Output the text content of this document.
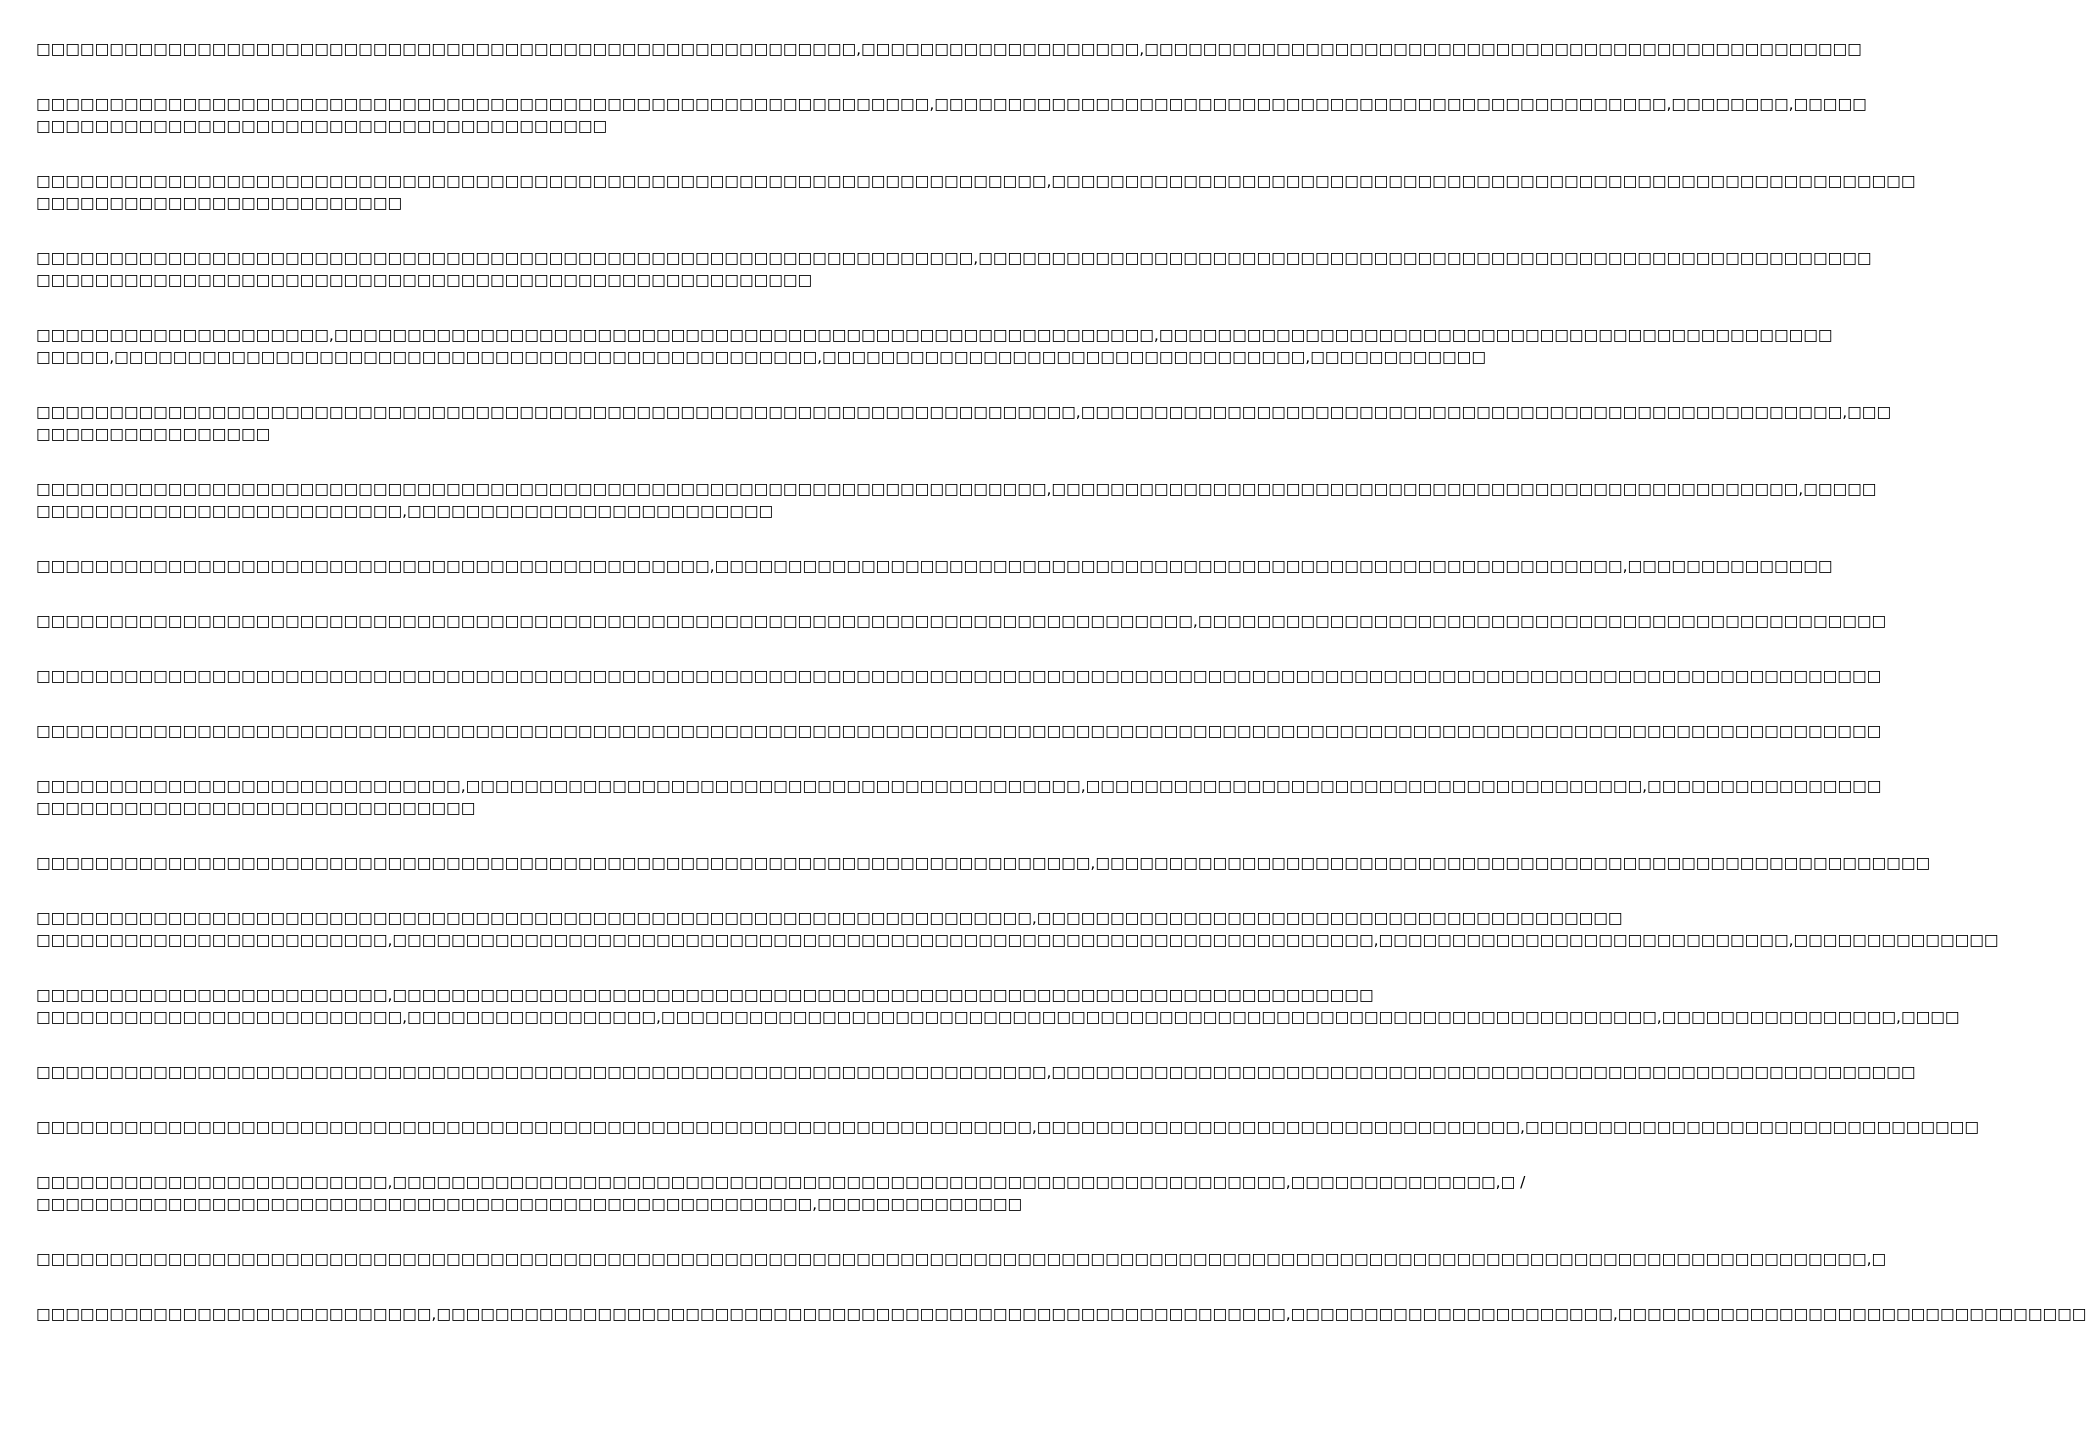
□□□□□□□□□□□□□□□□□□□□□□□□□□□□□□□□□□□□□□□□□□□□□□□□□□□□□□□□,□□□□□□□□□□□□□□□□□□□,□□□□□□□□□□□□□□□□□□□□□□□□□□□□□□□□□□□□□□□□□□□□□□□□□

□□□□□□□□□□□□□□□□□□□□□□□□□□□□□□□□□□□□□□□□□□□□□□□□□□□□□□□□□□□□□,□□□□□□□□□□□□□□□□□□□□□□□□□□□□□□□□□□□□□□□□□□□□□□□□□□,□□□□□□□□,□□□□□
□□□□□□□□□□□□□□□□□□□□□□□□□□□□□□□□□□□□□□□

□□□□□□□□□□□□□□□□□□□□□□□□□□□□□□□□□□□□□□□□□□□□□□□□□□□□□□□□□□□□□□□□□□□□□,□□□□□□□□□□□□□□□□□□□□□□□□□□□□□□□□□□□□□□□□□□□□□□□□□□□□□□□□□□□
□□□□□□□□□□□□□□□□□□□□□□□□□

□□□□□□□□□□□□□□□□□□□□□□□□□□□□□□□□□□□□□□□□□□□□□□□□□□□□□□□□□□□□□□□□,□□□□□□□□□□□□□□□□□□□□□□□□□□□□□□□□□□□□□□□□□□□□□□□□□□□□□□□□□□□□□
□□□□□□□□□□□□□□□□□□□□□□□□□□□□□□□□□□□□□□□□□□□□□□□□□□□□□

□□□□□□□□□□□□□□□□□□□□,□□□□□□□□□□□□□□□□□□□□□□□□□□□□□□□□□□□□□□□□□□□□□□□□□□□□□□□□,□□□□□□□□□□□□□□□□□□□□□□□□□□□□□□□□□□□□□□□□□□□□□□
□□□□□,□□□□□□□□□□□□□□□□□□□□□□□□□□□□□□□□□□□□□□□□□□□□□□□□,□□□□□□□□□□□□□□□□□□□□□□□□□□□□□□□□□,□□□□□□□□□□□□

□□□□□□□□□□□□□□□□□□□□□□□□□□□□□□□□□□□□□□□□□□□□□□□□□□□□□□□□□□□□□□□□□□□□□□□,□□□□□□□□□□□□□□□□□□□□□□□□□□□□□□□□□□□□□□□□□□□□□□□□□□□□,□□□
□□□□□□□□□□□□□□□□

□□□□□□□□□□□□□□□□□□□□□□□□□□□□□□□□□□□□□□□□□□□□□□□□□□□□□□□□□□□□□□□□□□□□□,□□□□□□□□□□□□□□□□□□□□□□□□□□□□□□□□□□□□□□□□□□□□□□□□□□□,□□□□□
□□□□□□□□□□□□□□□□□□□□□□□□□,□□□□□□□□□□□□□□□□□□□□□□□□□

□□□□□□□□□□□□□□□□□□□□□□□□□□□□□□□□□□□□□□□□□□□□□□,□□□□□□□□□□□□□□□□□□□□□□□□□□□□□□□□□□□□□□□□□□□□□□□□□□□□□□□□□□□□□□,□□□□□□□□□□□□□□

□□□□□□□□□□□□□□□□□□□□□□□□□□□□□□□□□□□□□□□□□□□□□□□□□□□□□□□□□□□□□□□□□□□□□□□□□□□□□□□,□□□□□□□□□□□□□□□□□□□□□□□□□□□□□□□□□□□□□□□□□□□□□□□

□□□□□□□□□□□□□□□□□□□□□□□□□□□□□□□□□□□□□□□□□□□□□□□□□□□□□□□□□□□□□□□□□□□□□□□□□□□□□□□□□□□□□□□□□□□□□□□□□□□□□□□□□□□□□□□□□□□□□□□□□□□□□□

□□□□□□□□□□□□□□□□□□□□□□□□□□□□□□□□□□□□□□□□□□□□□□□□□□□□□□□□□□□□□□□□□□□□□□□□□□□□□□□□□□□□□□□□□□□□□□□□□□□□□□□□□□□□□□□□□□□□□□□□□□□□□□

□□□□□□□□□□□□□□□□□□□□□□□□□□□□□,□□□□□□□□□□□□□□□□□□□□□□□□□□□□□□□□□□□□□□□□□□,□□□□□□□□□□□□□□□□□□□□□□□□□□□□□□□□□□□□□□,□□□□□□□□□□□□□□□□
□□□□□□□□□□□□□□□□□□□□□□□□□□□□□□

□□□□□□□□□□□□□□□□□□□□□□□□□□□□□□□□□□□□□□□□□□□□□□□□□□□□□□□□□□□□□□□□□□□□□□□□,□□□□□□□□□□□□□□□□□□□□□□□□□□□□□□□□□□□□□□□□□□□□□□□□□□□□□□□□□

□□□□□□□□□□□□□□□□□□□□□□□□□□□□□□□□□□□□□□□□□□□□□□□□□□□□□□□□□□□□□□□□□□□□,□□□□□□□□□□□□□□□□□□□□□□□□□□□□□□□□□□□□□□□□
□□□□□□□□□□□□□□□□□□□□□□□□,□□□□□□□□□□□□□□□□□□□□□□□□□□□□□□□□□□□□□□□□□□□□□□□□□□□□□□□□□□□□□□□□□□□,□□□□□□□□□□□□□□□□□□□□□□□□□□□□,□□□□□□□□□□□□□□

□□□□□□□□□□□□□□□□□□□□□□□□,□□□□□□□□□□□□□□□□□□□□□□□□□□□□□□□□□□□□□□□□□□□□□□□□□□□□□□□□□□□□□□□□□□□
□□□□□□□□□□□□□□□□□□□□□□□□□,□□□□□□□□□□□□□□□□□,□□□□□□□□□□□□□□□□□□□□□□□□□□□□□□□□□□□□□□□□□□□□□□□□□□□□□□□□□□□□□□□□□□□□,□□□□□□□□□□□□□□□□,□□□□

□□□□□□□□□□□□□□□□□□□□□□□□□□□□□□□□□□□□□□□□□□□□□□□□□□□□□□□□□□□□□□□□□□□□□,□□□□□□□□□□□□□□□□□□□□□□□□□□□□□□□□□□□□□□□□□□□□□□□□□□□□□□□□□□□

□□□□□□□□□□□□□□□□□□□□□□□□□□□□□□□□□□□□□□□□□□□□□□□□□□□□□□□□□□□□□□□□□□□□,□□□□□□□□□□□□□□□□□□□□□□□□□□□□□□□□□,□□□□□□□□□□□□□□□□□□□□□□□□□□□□□□□

□□□□□□□□□□□□□□□□□□□□□□□□,□□□□□□□□□□□□□□□□□□□□□□□□□□□□□□□□□□□□□□□□□□□□□□□□□□□□□□□□□□□□□,□□□□□□□□□□□□□□,□ /
□□□□□□□□□□□□□□□□□□□□□□□□□□□□□□□□□□□□□□□□□□□□□□□□□□□□□,□□□□□□□□□□□□□□

□□□□□□□□□□□□□□□□□□□□□□□□□□□□□□□□□□□□□□□□□□□□□□□□□□□□□□□□□□□□□□□□□□□□□□□□□□□□□□□□□□□□□□□□□□□□□□□□□□□□□□□□□□□□□□□□□□□□□□□□□□□□□,□

□□□□□□□□□□□□□□□□□□□□□□□□□□□,□□□□□□□□□□□□□□□□□□□□□□□□□□□□□□□□□□□□□□□□□□□□□□□□□□□□□□□□□□,□□□□□□□□□□□□□□□□□□□□□□,□□□□□□□□□□□□□□□□□□□□□□□□□□□□□□□□
